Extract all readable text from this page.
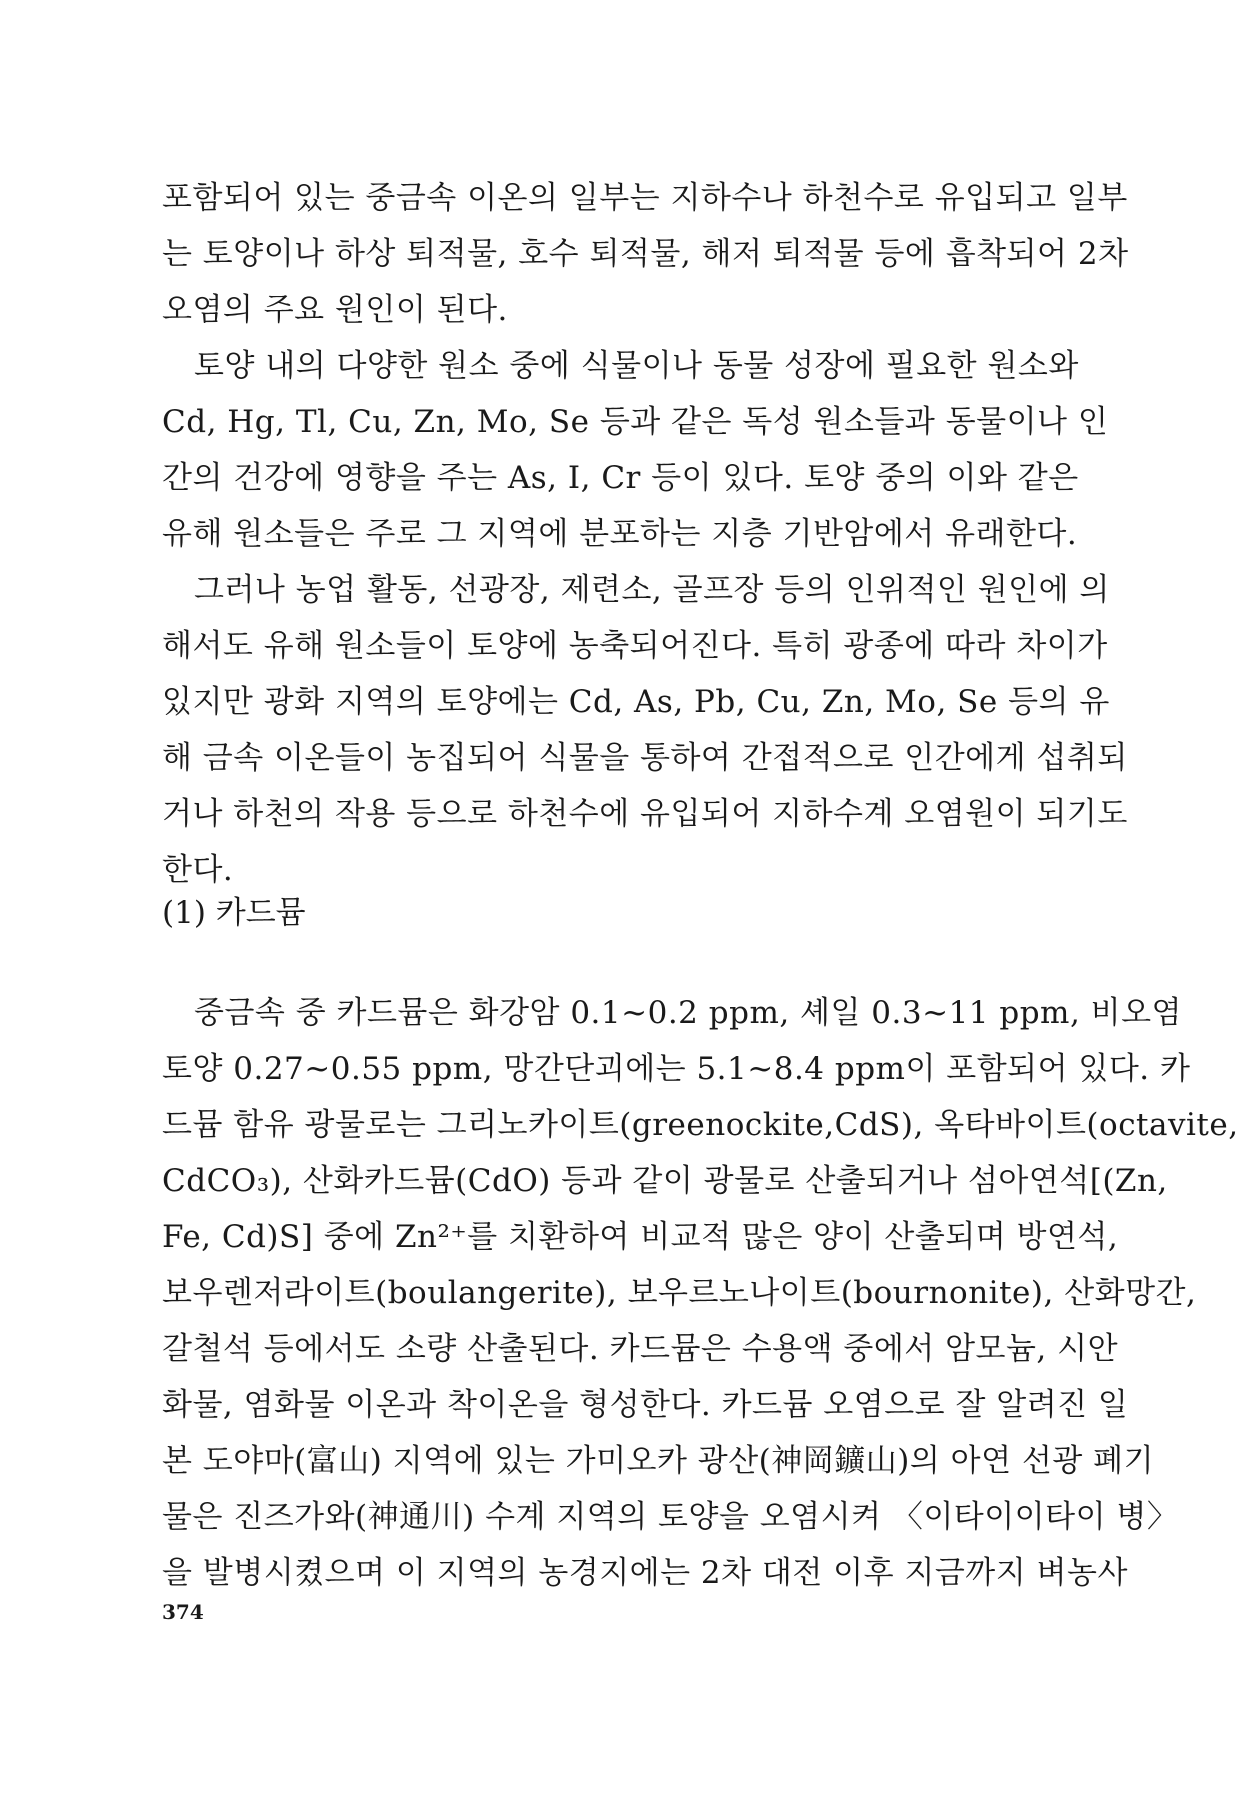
포함되어 있는 중금속 이온의 일부는 지하수나 하천수로 유입되고 일부
는 토양이나 하상 퇴적물, 호수 퇴적물, 해저 퇴적물 등에 흡착되어 2차
오염의 주요 원인이 된다.
토양 내의 다양한 원소 중에 식물이나 동물 성장에 필요한 원소와
Cd, Hg, Tl, Cu, Zn, Mo, Se 등과 같은 독성 원소들과 동물이나 인
간의 건강에 영향을 주는 As, I, Cr 등이 있다. 토양 중의 이와 같은
유해 원소들은 주로 그 지역에 분포하는 지층 기반암에서 유래한다.
그러나 농업 활동, 선광장, 제련소, 골프장 등의 인위적인 원인에 의
해서도 유해 원소들이 토양에 농축되어진다. 특히 광종에 따라 차이가
있지만 광화 지역의 토양에는 Cd, As, Pb, Cu, Zn, Mo, Se 등의 유
해 금속 이온들이 농집되어 식물을 통하여 간접적으로 인간에게 섭취되
거나 하천의 작용 등으로 하천수에 유입되어 지하수계 오염원이 되기도
한다.
(1) 카드뮴
중금속 중 카드뮴은 화강암 0.1~0.2 ppm, 셰일 0.3~11 ppm, 비오염
토양 0.27~0.55 ppm, 망간단괴에는 5.1~8.4 ppm이 포함되어 있다. 카
드뮴 함유 광물로는 그리노카이트(greenockite,CdS), 옥타바이트(octavite,
CdCO₃), 산화카드뮴(CdO) 등과 같이 광물로 산출되거나 섬아연석[(Zn,
Fe, Cd)S] 중에 Zn²⁺를 치환하여 비교적 많은 양이 산출되며 방연석,
보우렌저라이트(boulangerite), 보우르노나이트(bournonite), 산화망간,
갈철석 등에서도 소량 산출된다. 카드뮴은 수용액 중에서 암모늄, 시안
화물, 염화물 이온과 착이온을 형성한다. 카드뮴 오염으로 잘 알려진 일
본 도야마(富山) 지역에 있는 가미오카 광산(神岡鑛山)의 아연 선광 폐기
물은 진즈가와(神通川) 수계 지역의 토양을 오염시켜 〈이타이이타이 병〉
을 발병시켰으며 이 지역의 농경지에는 2차 대전 이후 지금까지 벼농사
374
